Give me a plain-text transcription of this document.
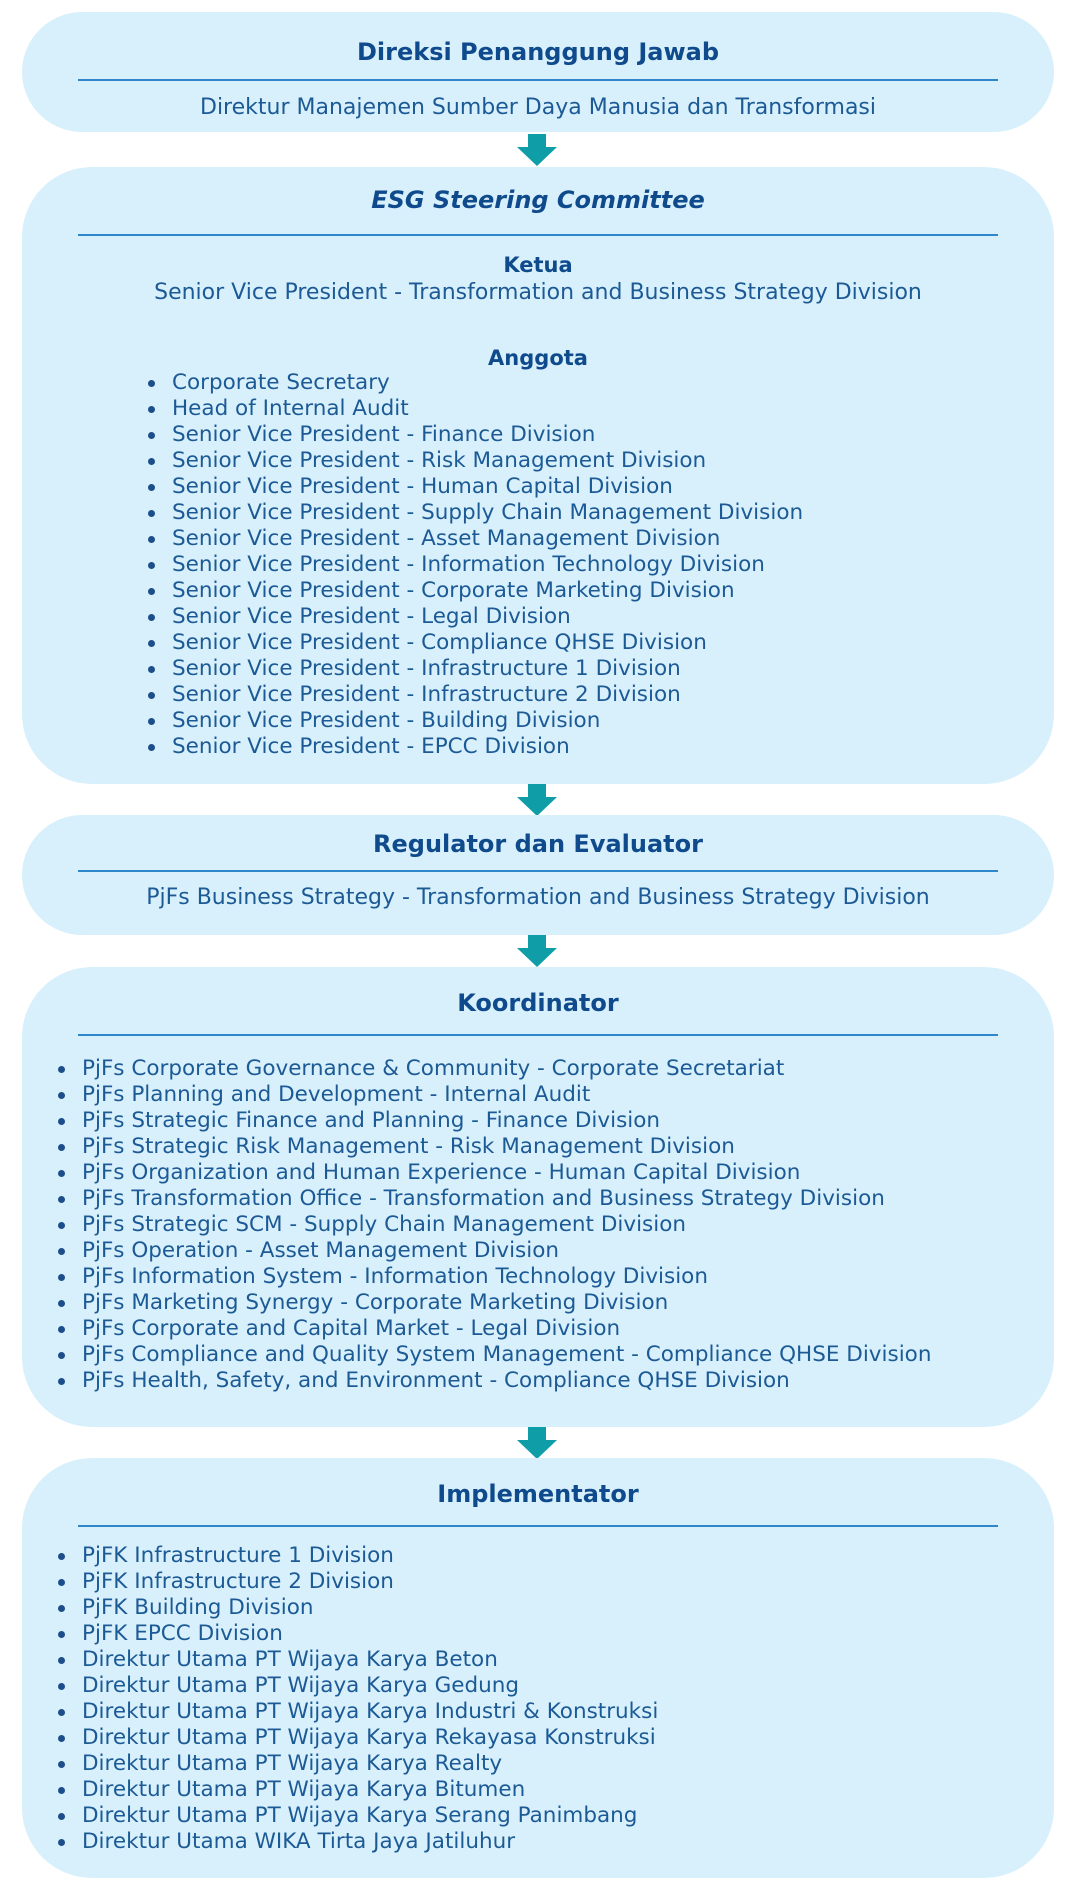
Direksi Penanggung Jawab
Direktur Manajemen Sumber Daya Manusia dan Transformasi
ESG Steering Committee
Ketua
Senior Vice President - Transformation and Business Strategy Division
Anggota
Corporate Secretary
Head of Internal Audit
Senior Vice President - Finance Division
Senior Vice President - Risk Management Division
Senior Vice President - Human Capital Division
Senior Vice President - Supply Chain Management Division
Senior Vice President - Asset Management Division
Senior Vice President - Information Technology Division
Senior Vice President - Corporate Marketing Division
Senior Vice President - Legal Division
Senior Vice President - Compliance QHSE Division
Senior Vice President - Infrastructure 1 Division
Senior Vice President - Infrastructure 2 Division
Senior Vice President - Building Division
Senior Vice President - EPCC Division
Regulator dan Evaluator
PjFs Business Strategy - Transformation and Business Strategy Division
Koordinator
PjFs Corporate Governance & Community - Corporate Secretariat
PjFs Planning and Development - Internal Audit
PjFs Strategic Finance and Planning - Finance Division
PjFs Strategic Risk Management - Risk Management Division
PjFs Organization and Human Experience - Human Capital Division
PjFs Transformation Office - Transformation and Business Strategy Division
PjFs Strategic SCM - Supply Chain Management Division
PjFs Operation - Asset Management Division
PjFs Information System - Information Technology Division
PjFs Marketing Synergy - Corporate Marketing Division
PjFs Corporate and Capital Market - Legal Division
PjFs Compliance and Quality System Management - Compliance QHSE Division
PjFs Health, Safety, and Environment - Compliance QHSE Division
Implementator
PjFK Infrastructure 1 Division
PjFK Infrastructure 2 Division
PjFK Building Division
PjFK EPCC Division
Direktur Utama PT Wijaya Karya Beton
Direktur Utama PT Wijaya Karya Gedung
Direktur Utama PT Wijaya Karya Industri & Konstruksi
Direktur Utama PT Wijaya Karya Rekayasa Konstruksi
Direktur Utama PT Wijaya Karya Realty
Direktur Utama PT Wijaya Karya Bitumen
Direktur Utama PT Wijaya Karya Serang Panimbang
Direktur Utama WIKA Tirta Jaya Jatiluhur
